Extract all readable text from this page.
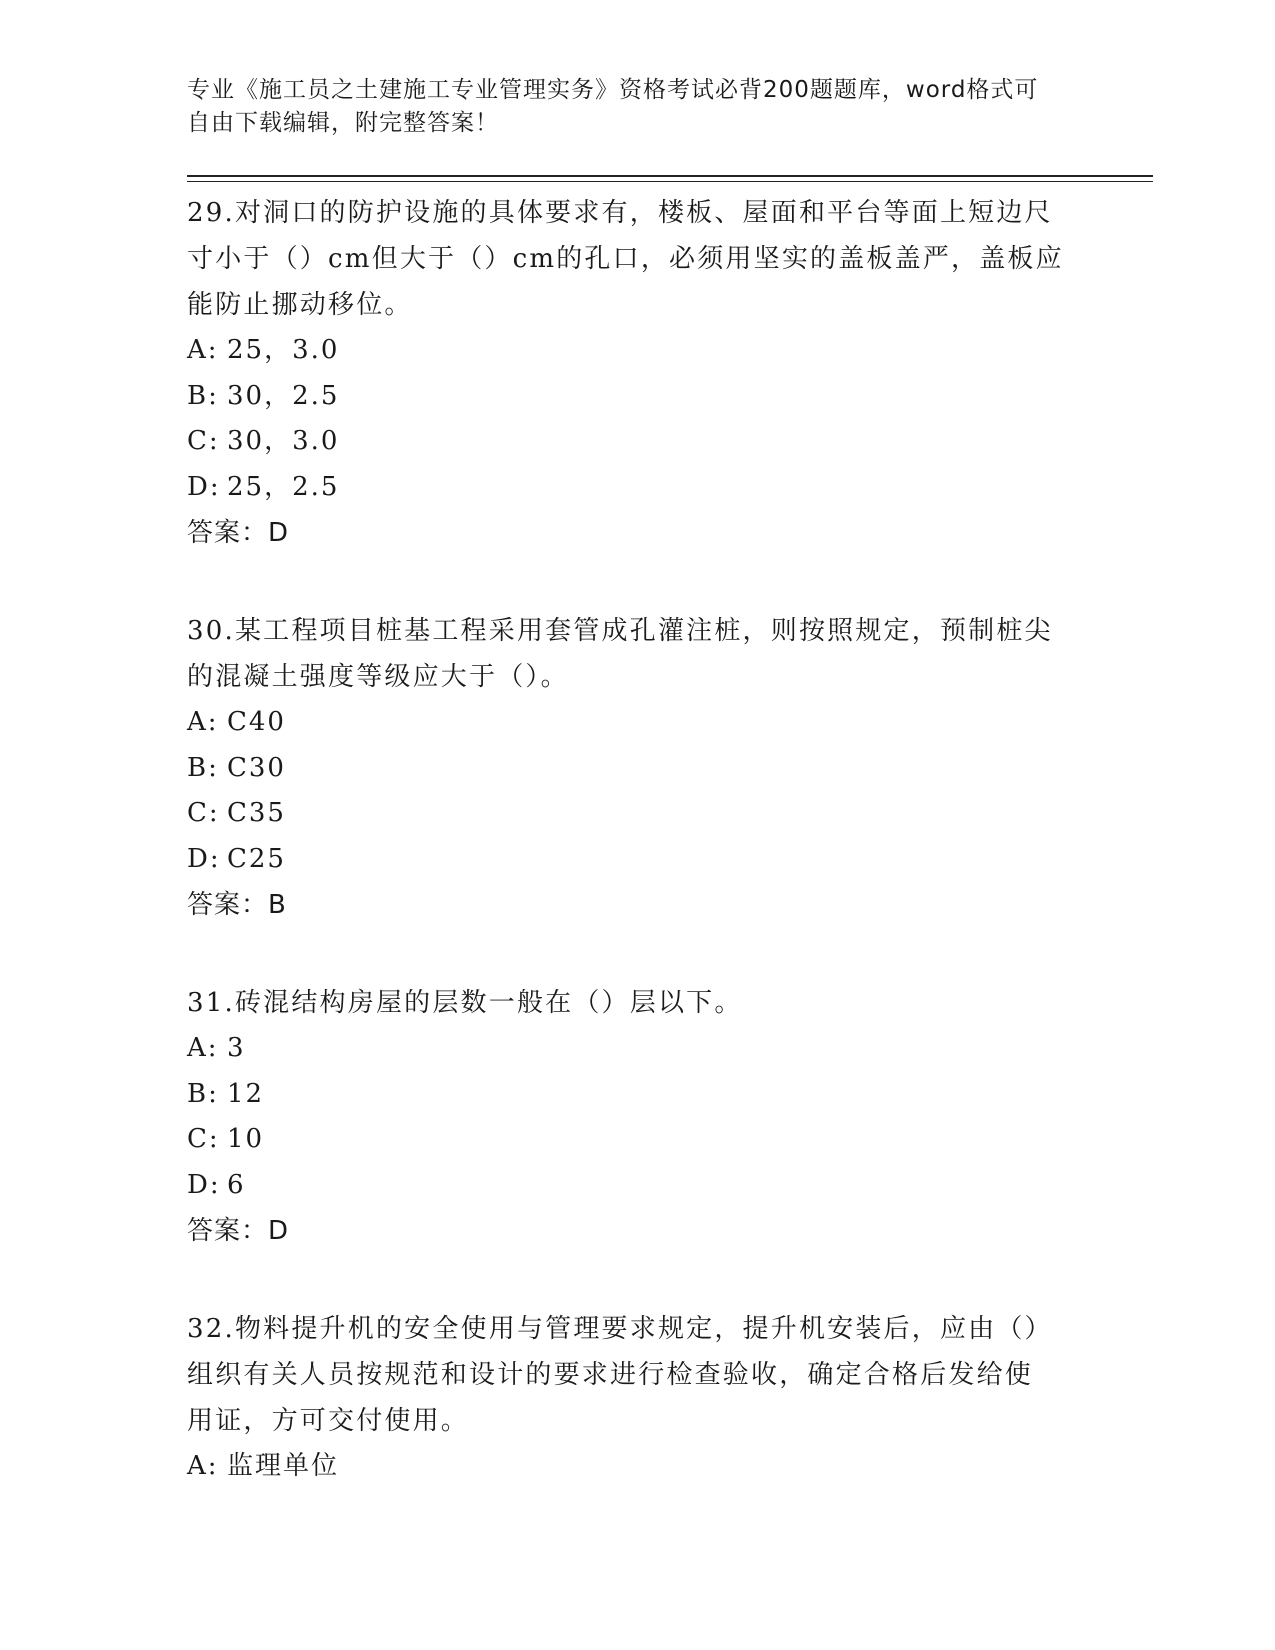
专业《施工员之土建施工专业管理实务》资格考试必背200题题库，word格式可
自由下载编辑，附完整答案！
29.对洞口的防护设施的具体要求有，楼板、屋面和平台等面上短边尺
寸小于（）cm但大于（）cm的孔口，必须用坚实的盖板盖严，盖板应
能防止挪动移位。
A: 25，3.0
B: 30，2.5
C: 30，3.0
D: 25，2.5
答案：D
30.某工程项目桩基工程采用套管成孔灌注桩，则按照规定，预制桩尖
的混凝土强度等级应大于（）。
A: C40
B: C30
C: C35
D: C25
答案：B
31.砖混结构房屋的层数一般在（）层以下。
A: 3
B: 12
C: 10
D: 6
答案：D
32.物料提升机的安全使用与管理要求规定，提升机安装后，应由（）
组织有关人员按规范和设计的要求进行检查验收，确定合格后发给使
用证，方可交付使用。
A: 监理单位
